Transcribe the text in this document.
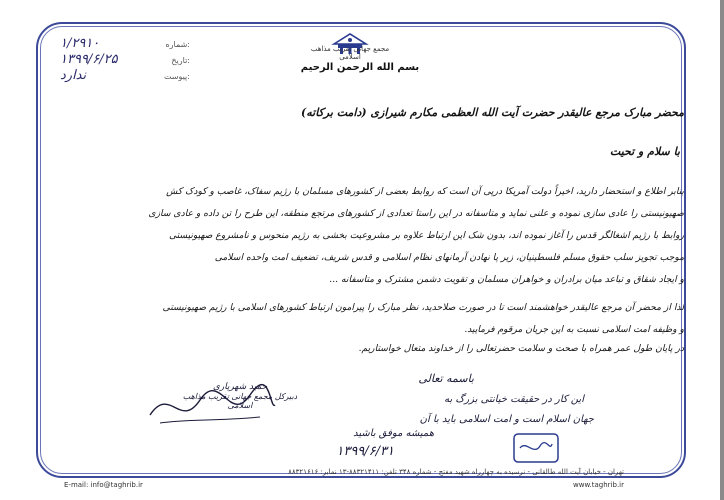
۱/۲۹۱۰	شماره:
۱۳۹۹/۶/۲۵	تاریخ:
ندارد	پیوست:
مجمع جهانی تقریب مذاهب اسلامی
بسم الله الرحمن الرحیم
محضر مبارک مرجع عالیقدر حضرت آیت الله العظمی مکارم شیرازی (دامت برکاته)
با سلام و تحیت

بنابر اطلاع و استحضار دارید، اخیراً دولت آمریکا درپی آن است که روابط بعضی از کشورهای مسلمان با رژیم سفاک، غاصب و کودک کش

صهیونیستی را عادی سازی نموده و علنی نماید و متاسفانه در این راستا تعدادی از کشورهای مرتجع منطقه، این طرح را تن داده و عادی سازی

روابط با رژیم اشغالگر قدس را آغاز نموده اند، بدون شک این ارتباط علاوه بر مشروعیت بخشی به رژیم منحوس و نامشروع صهیونیستی

موجب تجویز سلب حقوق مسلم فلسطینیان، زیر پا نهادن آرمانهای نظام اسلامی و قدس شریف، تضعیف امت واحده اسلامی

و ایجاد شقاق و تباعد میان برادران و خواهران مسلمان و تقویت دشمن مشترک و متاسفانه ...

لذا از محضر آن مرجع عالیقدر خواهشمند است تا در صورت صلاحدید، نظر مبارک را پیرامون ارتباط کشورهای اسلامی با رژیم صهیونیستی

و وظیفه امت اسلامی نسبت به این جریان مرقوم فرمایید.

در پایان طول عمر همراه با صحت و سلامت حضرتعالی را از خداوند متعال خواستاریم.
باسمه تعالی
این کار در حقیقت خیانتی بزرگ به
جهان اسلام است و امت اسلامی باید با آن
همیشه موفق باشید
۱۳۹۹/۶/۳۱
حمید شهریاری
دبیرکل مجمع جهانی تقریب مذاهب اسلامی
تهران - خیابان آیت الله طالقانی - نرسیده به چهارراه شهید مفتح - شماره ۳۴۸ تلفن: ۸۸۳۲۱۴۱۱-۱۳ نمابر: ۸۸۳۲۱۶۱۶
E-mail: info@taghrib.ir	www.taghrib.ir
